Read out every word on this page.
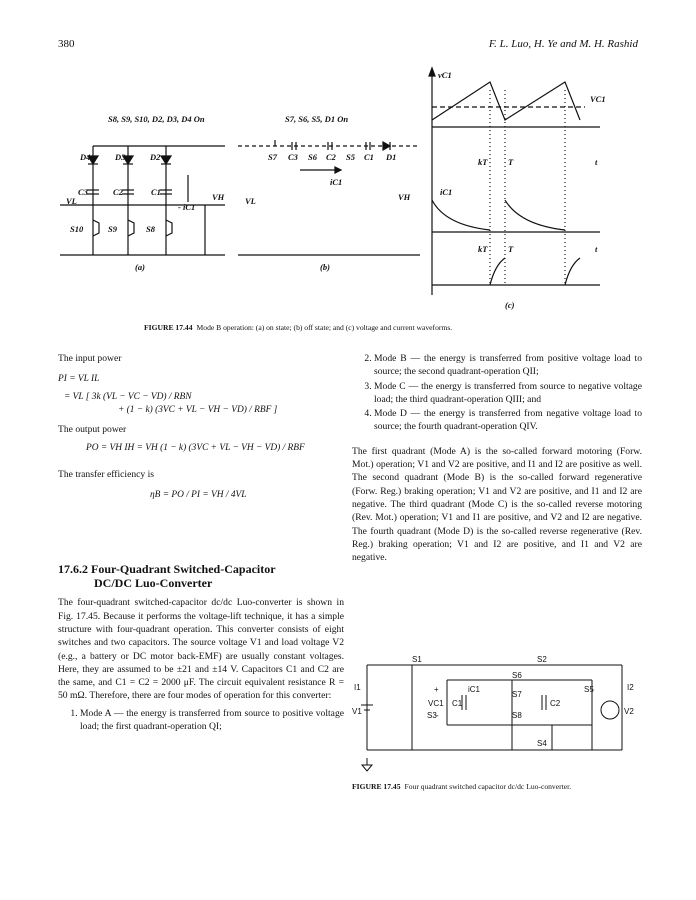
380	F. L. Luo, H. Ye and M. H. Rashid
S8, S9, S10, D2, D3, D4 On	S7, S6, S5, D1 On
D4	D3	D2
C3	C2	C1
S10	S9	S8
VL	VH
- iC1
(a)
S7 C3 S6 C2 S5 C1 D1
iC1
VL	VH
(b)
vC1
VC1
iC1
kT T	t
kT T	t
(c)
FIGURE 17.44 Mode B operation: (a) on state; (b) off state; and (c) voltage and current waveforms.

The input power

PI = VL IL
= VL [ 3k (VL − VC − VD) / RBN
+ (1 − k) (3VC + VL − VH − VD) / RBF ]

The output power

PO = VH IH = VH (1 − k) (3VC + VL − VH − VD) / RBF

The transfer efficiency is

ηB = PO / PI = VH / 4VL
17.6.2 Four-Quadrant Switched-Capacitor
DC/DC Luo-Converter

The four-quadrant switched-capacitor dc/dc Luo-converter is shown in Fig. 17.45. Because it performs the voltage-lift technique, it has a simple structure with four-quadrant operation. This converter consists of eight switches and two capacitors. The source voltage V1 and load voltage V2 (e.g., a battery or DC motor back-EMF) are usually constant voltages. Here, they are assumed to be ±21 and ±14 V. Capacitors C1 and C2 are the same, and C1 = C2 = 2000 μF. The circuit equivalent resistance R = 50 mΩ. Therefore, there are four modes of operation for this converter:

1. Mode A — the energy is transferred from source to positive voltage load; the first quadrant-operation QI;
2. Mode B — the energy is transferred from positive voltage load to source; the second quadrant-operation QII;
3. Mode C — the energy is transferred from source to negative voltage load; the third quadrant-operation QIII; and
4. Mode D — the energy is transferred from negative voltage load to source; the fourth quadrant-operation QIV.

The first quadrant (Mode A) is the so-called forward motoring (Forw. Mot.) operation; V1 and V2 are positive, and I1 and I2 are positive as well. The second quadrant (Mode B) is the so-called forward regenerative (Forw. Reg.) braking operation; V1 and V2 are positive, and I1 and I2 are negative. The third quadrant (Mode C) is the so-called reverse motoring (Rev. Mot.) operation; V1 and I1 are positive, and V2 and I2 are negative. The fourth quadrant (Mode D) is the so-called reverse regenerative (Rev. Reg.) braking operation; V1 and I2 are positive, and I1 and V2 are negative.

S1	S2
S3
S4
S5
S6
S7
S8
I1	I2
V1	V2
C1	C2
VC1
iC1
+
-
FIGURE 17.45 Four quadrant switched capacitor dc/dc Luo-converter.
